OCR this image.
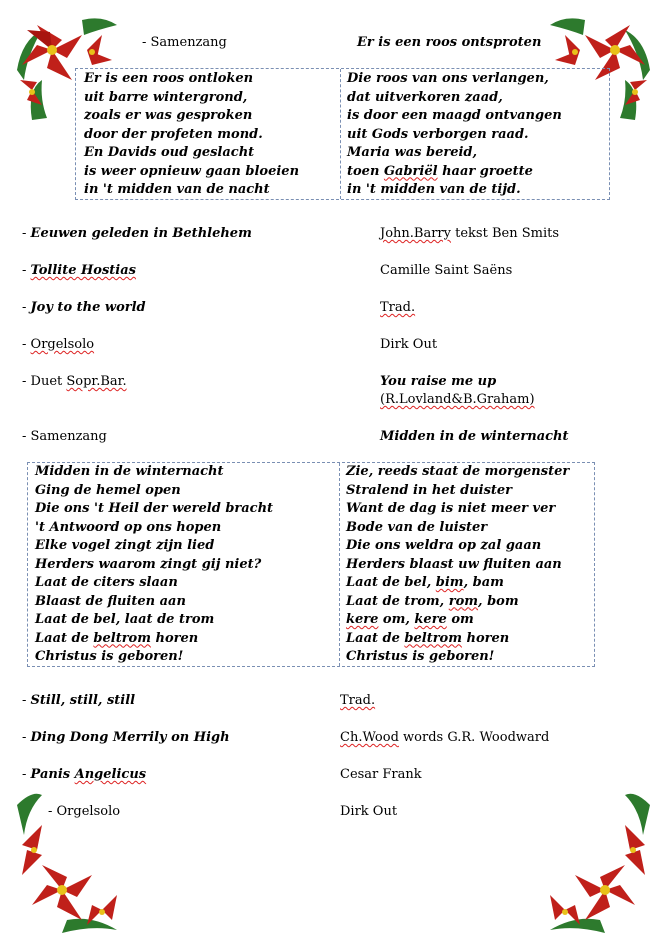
- Samenzang	Er is een roos ontsproten
Er is een roos ontloken
uit barre wintergrond,
zoals er was gesproken
door der profeten mond.
En Davids oud geslacht
is weer opnieuw gaan bloeien
in 't midden van de nacht
Die roos van ons verlangen,
dat uitverkoren zaad,
is door een maagd ontvangen
uit Gods verborgen raad.
Maria was bereid,
toen Gabriël haar groette
in 't midden van de tijd.
- Eeuwen geleden in Bethlehem	John.Barry tekst Ben Smits
- Tollite Hostias	Camille Saint Saëns
- Joy to the world	Trad.
- Orgelsolo	Dirk Out
- Duet Sopr.Bar.	You raise me up
(R.Lovland&B.Graham)
- Samenzang	Midden in de winternacht
Midden in de winternacht
Ging de hemel open
Die ons 't Heil der wereld bracht
't Antwoord op ons hopen
Elke vogel zingt zijn lied
Herders waarom zingt gij niet?
Laat de citers slaan
Blaast de fluiten aan
Laat de bel, laat de trom
Laat de beltrom horen
Christus is geboren!
Zie, reeds staat de morgenster
Stralend in het duister
Want de dag is niet meer ver
Bode van de luister
Die ons weldra op zal gaan
Herders blaast uw fluiten aan
Laat de bel, bim, bam
Laat de trom, rom, bom
kere om, kere om
Laat de beltrom horen
Christus is geboren!
- Still, still, still	Trad.
- Ding Dong Merrily on High	Ch.Wood words G.R. Woodward
- Panis Angelicus	Cesar Frank
- Orgelsolo	Dirk Out
